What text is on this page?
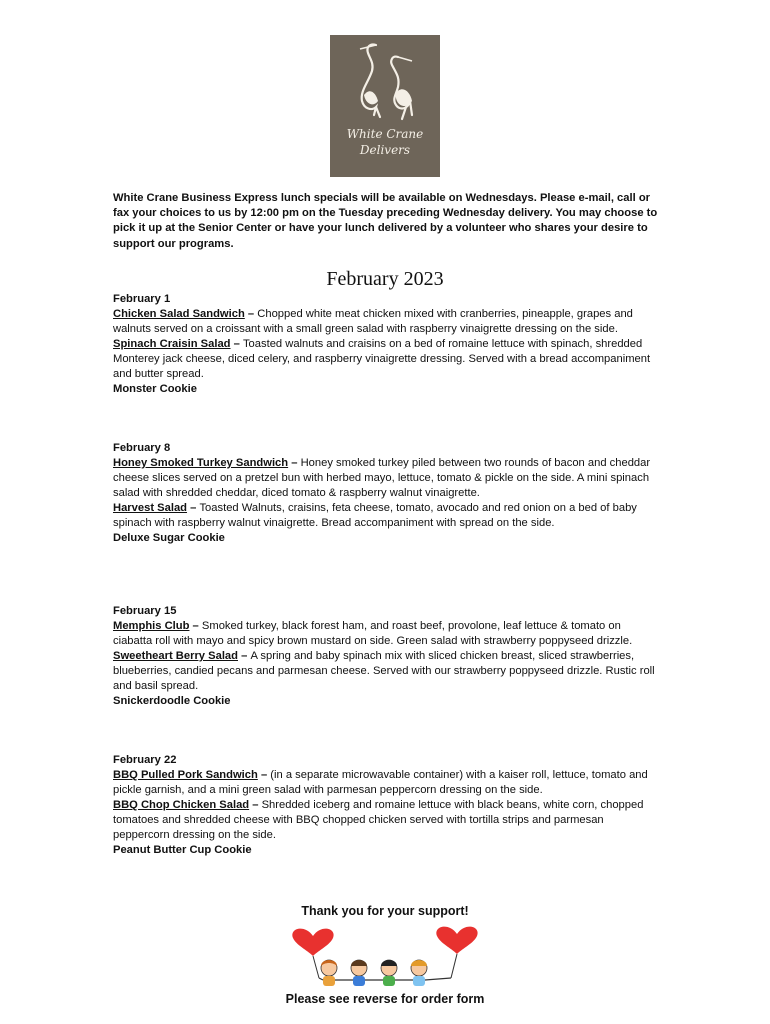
White Crane
Delivers

White Crane Business Express lunch specials will be available on Wednesdays. Please e-mail, call or fax your choices to us by 12:00 pm on the Tuesday preceding Wednesday delivery. You may choose to pick it up at the Senior Center or have your lunch delivered by a volunteer who shares your desire to support our programs.

February 2023

February 1

Chicken Salad Sandwich – Chopped white meat chicken mixed with cranberries, pineapple, grapes and walnuts served on a croissant with a small green salad with raspberry vinaigrette dressing on the side.

Spinach Craisin Salad – Toasted walnuts and craisins on a bed of romaine lettuce with spinach, shredded Monterey jack cheese, diced celery, and raspberry vinaigrette dressing. Served with a bread accompaniment and butter spread.

Monster Cookie

February 8

Honey Smoked Turkey Sandwich – Honey smoked turkey piled between two rounds of bacon and cheddar cheese slices served on a pretzel bun with herbed mayo, lettuce, tomato & pickle on the side. A mini spinach salad with shredded cheddar, diced tomato & raspberry walnut vinaigrette.

Harvest Salad – Toasted Walnuts, craisins, feta cheese, tomato, avocado and red onion on a bed of baby spinach with raspberry walnut vinaigrette. Bread accompaniment with spread on the side.

Deluxe Sugar Cookie

February 15

Memphis Club – Smoked turkey, black forest ham, and roast beef, provolone, leaf lettuce & tomato on ciabatta roll with mayo and spicy brown mustard on side. Green salad with strawberry poppyseed drizzle.

Sweetheart Berry Salad – A spring and baby spinach mix with sliced chicken breast, sliced strawberries, blueberries, candied pecans and parmesan cheese. Served with our strawberry poppyseed drizzle. Rustic roll and basil spread.

Snickerdoodle Cookie

February 22

BBQ Pulled Pork Sandwich – (in a separate microwavable container) with a kaiser roll, lettuce, tomato and pickle garnish, and a mini green salad with parmesan peppercorn dressing on the side.

BBQ Chop Chicken Salad – Shredded iceberg and romaine lettuce with black beans, white corn, chopped tomatoes and shredded cheese with BBQ chopped chicken served with tortilla strips and parmesan peppercorn dressing on the side.

Peanut Butter Cup Cookie

Thank you for your support!

Please see reverse for order form
